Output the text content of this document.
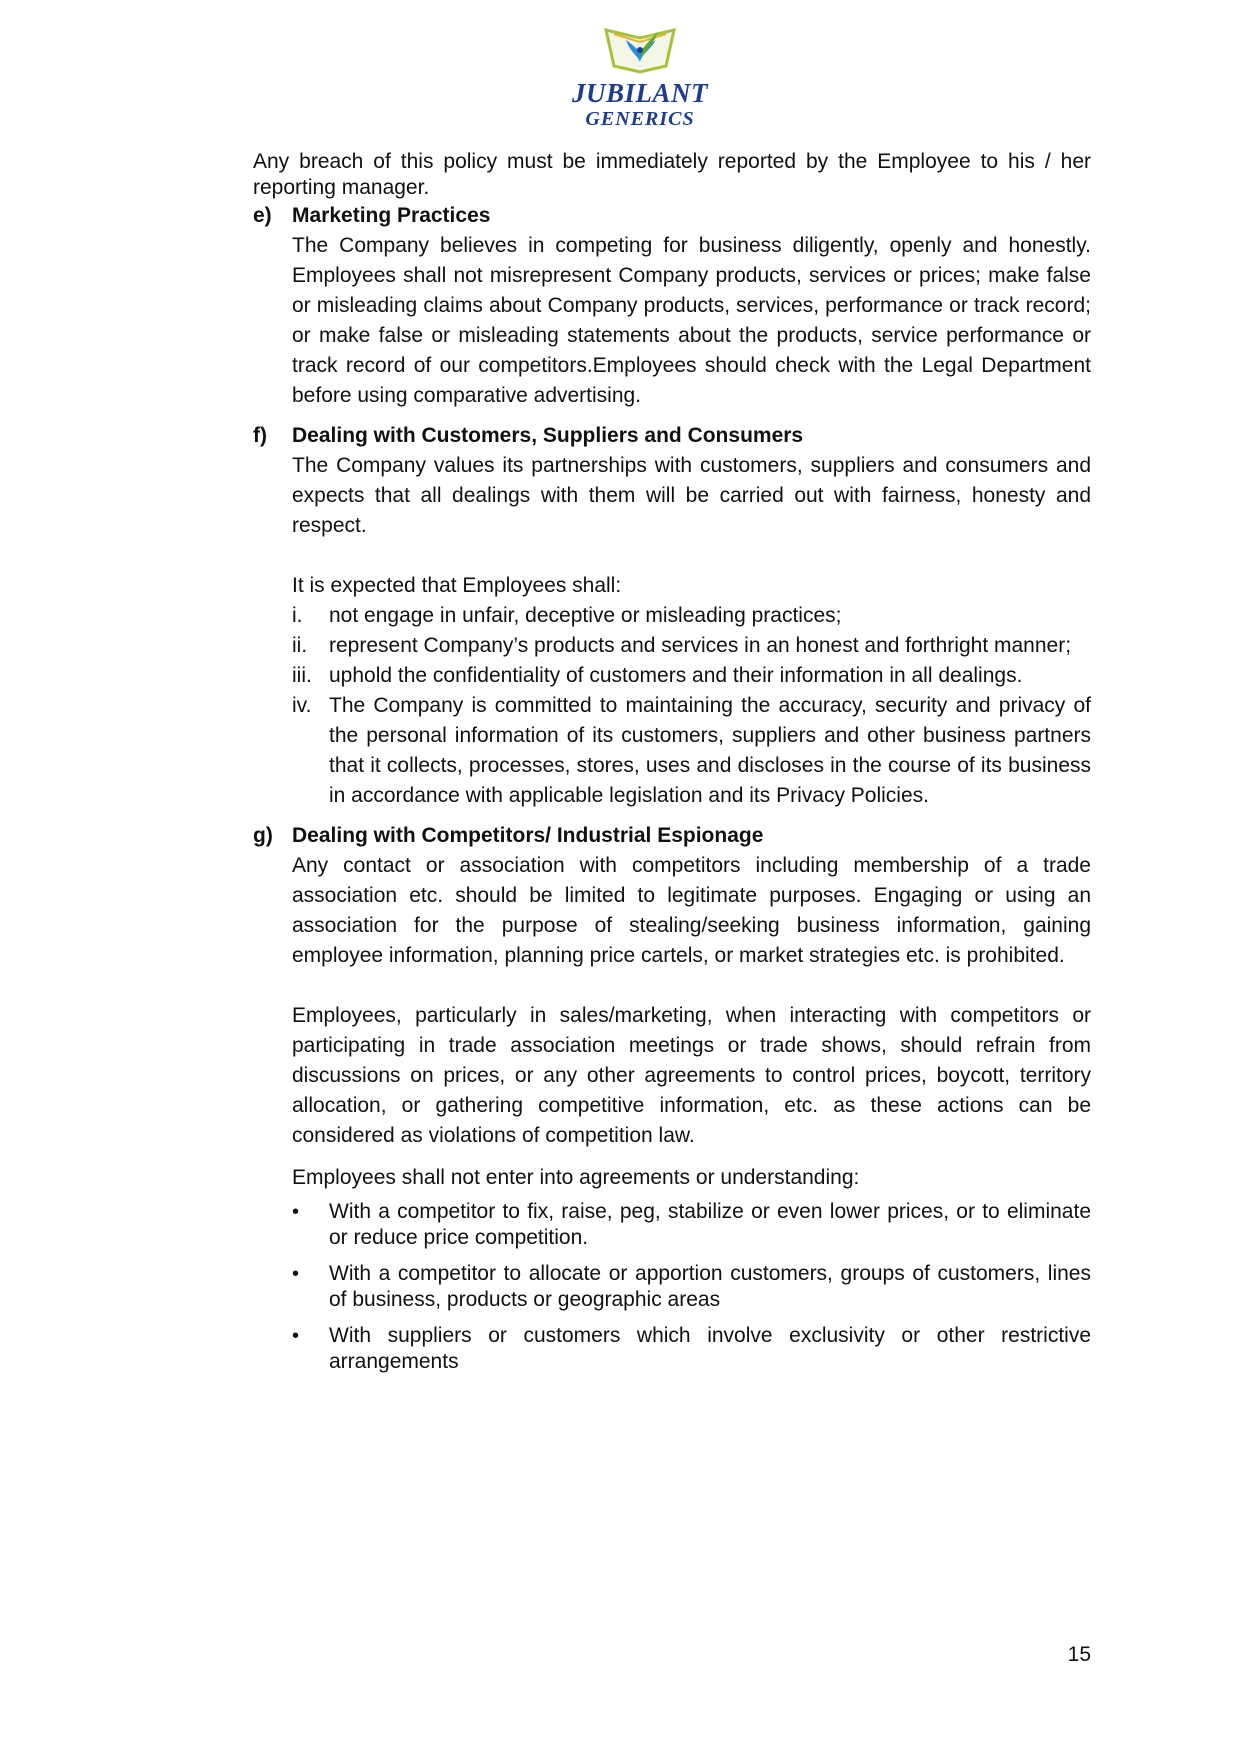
JUBILANT
GENERICS

Any breach of this policy must be immediately reported by the Employee to his / her reporting manager.

e) Marketing Practices

The Company believes in competing for business diligently, openly and honestly. Employees shall not misrepresent Company products, services or prices; make false or misleading claims about Company products, services, performance or track record; or make false or misleading statements about the products, service performance or track record of our competitors.Employees should check with the Legal Department before using comparative advertising.

f)	Dealing with Customers, Suppliers and Consumers

The Company values its partnerships with customers, suppliers and consumers and expects that all dealings with them will be carried out with fairness, honesty and respect.

It is expected that Employees shall:

i.	not engage in unfair, deceptive or misleading practices;
ii.	represent Company’s products and services in an honest and forthright manner;
iii. uphold the confidentiality of customers and their information in all dealings.
iv. The Company is committed to maintaining the accuracy, security and privacy of the personal information of its customers, suppliers and other business partners that it collects, processes, stores, uses and discloses in the course of its business in accordance with applicable legislation and its Privacy Policies.
g) Dealing with Competitors/ Industrial Espionage

Any contact or association with competitors including membership of a trade association etc. should be limited to legitimate purposes. Engaging or using an association for the purpose of stealing/seeking business information, gaining employee information, planning price cartels, or market strategies etc. is prohibited.

Employees, particularly in sales/marketing, when interacting with competitors or participating in trade association meetings or trade shows, should refrain from discussions on prices, or any other agreements to control prices, boycott, territory allocation, or gathering competitive information, etc. as these actions can be considered as violations of competition law.

Employees shall not enter into agreements or understanding:

•	With a competitor to fix, raise, peg, stabilize or even lower prices, or to eliminate or reduce price competition.
•	With a competitor to allocate or apportion customers, groups of customers, lines of business, products or geographic areas
•	With suppliers or customers which involve exclusivity or other restrictive arrangements
15
